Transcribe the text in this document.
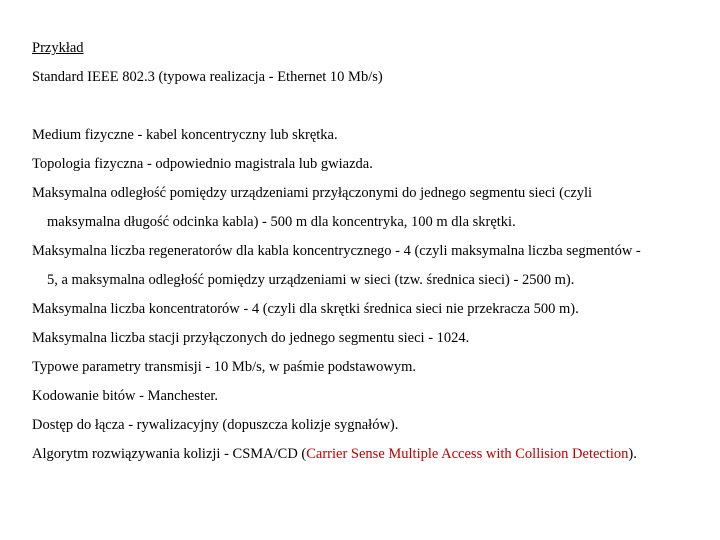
Przykład
Standard IEEE 802.3 (typowa realizacja - Ethernet 10 Mb/s)
Medium fizyczne - kabel koncentryczny lub skrętka.
Topologia fizyczna - odpowiednio magistrala lub gwiazda.
Maksymalna odległość pomiędzy urządzeniami przyłączonymi do jednego segmentu sieci (czyli
maksymalna długość odcinka kabla) - 500 m dla koncentryka, 100 m dla skrętki.
Maksymalna liczba regeneratorów dla kabla koncentrycznego - 4 (czyli maksymalna liczba segmentów -
5, a maksymalna odległość pomiędzy urządzeniami w sieci (tzw. średnica sieci) - 2500 m).
Maksymalna liczba koncentratorów - 4 (czyli dla skrętki średnica sieci nie przekracza 500 m).
Maksymalna liczba stacji przyłączonych do jednego segmentu sieci - 1024.
Typowe parametry transmisji - 10 Mb/s, w paśmie podstawowym.
Kodowanie bitów - Manchester.
Dostęp do łącza - rywalizacyjny (dopuszcza kolizje sygnałów).
Algorytm rozwiązywania kolizji - CSMA/CD (Carrier Sense Multiple Access with Collision Detection).
